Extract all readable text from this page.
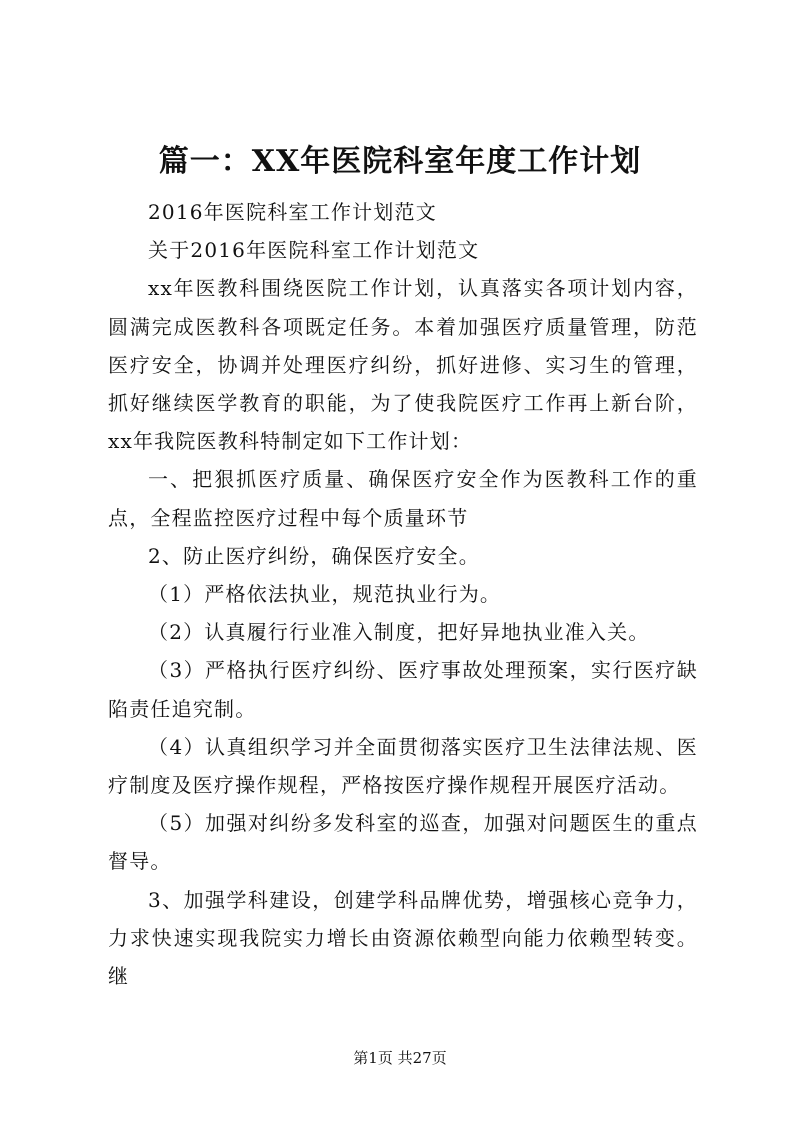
篇一：XX年医院科室年度工作计划

2016年医院科室工作计划范文

关于2016年医院科室工作计划范文

xx年医教科围绕医院工作计划，认真落实各项计划内容，圆满完成医教科各项既定任务。本着加强医疗质量管理，防范医疗安全，协调并处理医疗纠纷，抓好进修、实习生的管理，抓好继续医学教育的职能，为了使我院医疗工作再上新台阶，xx年我院医教科特制定如下工作计划：

一、把狠抓医疗质量、确保医疗安全作为医教科工作的重点，全程监控医疗过程中每个质量环节

2、防止医疗纠纷，确保医疗安全。

（1）严格依法执业，规范执业行为。

（2）认真履行行业准入制度，把好异地执业准入关。

（3）严格执行医疗纠纷、医疗事故处理预案，实行医疗缺陷责任追究制。

（4）认真组织学习并全面贯彻落实医疗卫生法律法规、医疗制度及医疗操作规程，严格按医疗操作规程开展医疗活动。

（5）加强对纠纷多发科室的巡查，加强对问题医生的重点督导。

3、加强学科建设，创建学科品牌优势，增强核心竞争力，力求快速实现我院实力增长由资源依赖型向能力依赖型转变。继

第1页 共27页
